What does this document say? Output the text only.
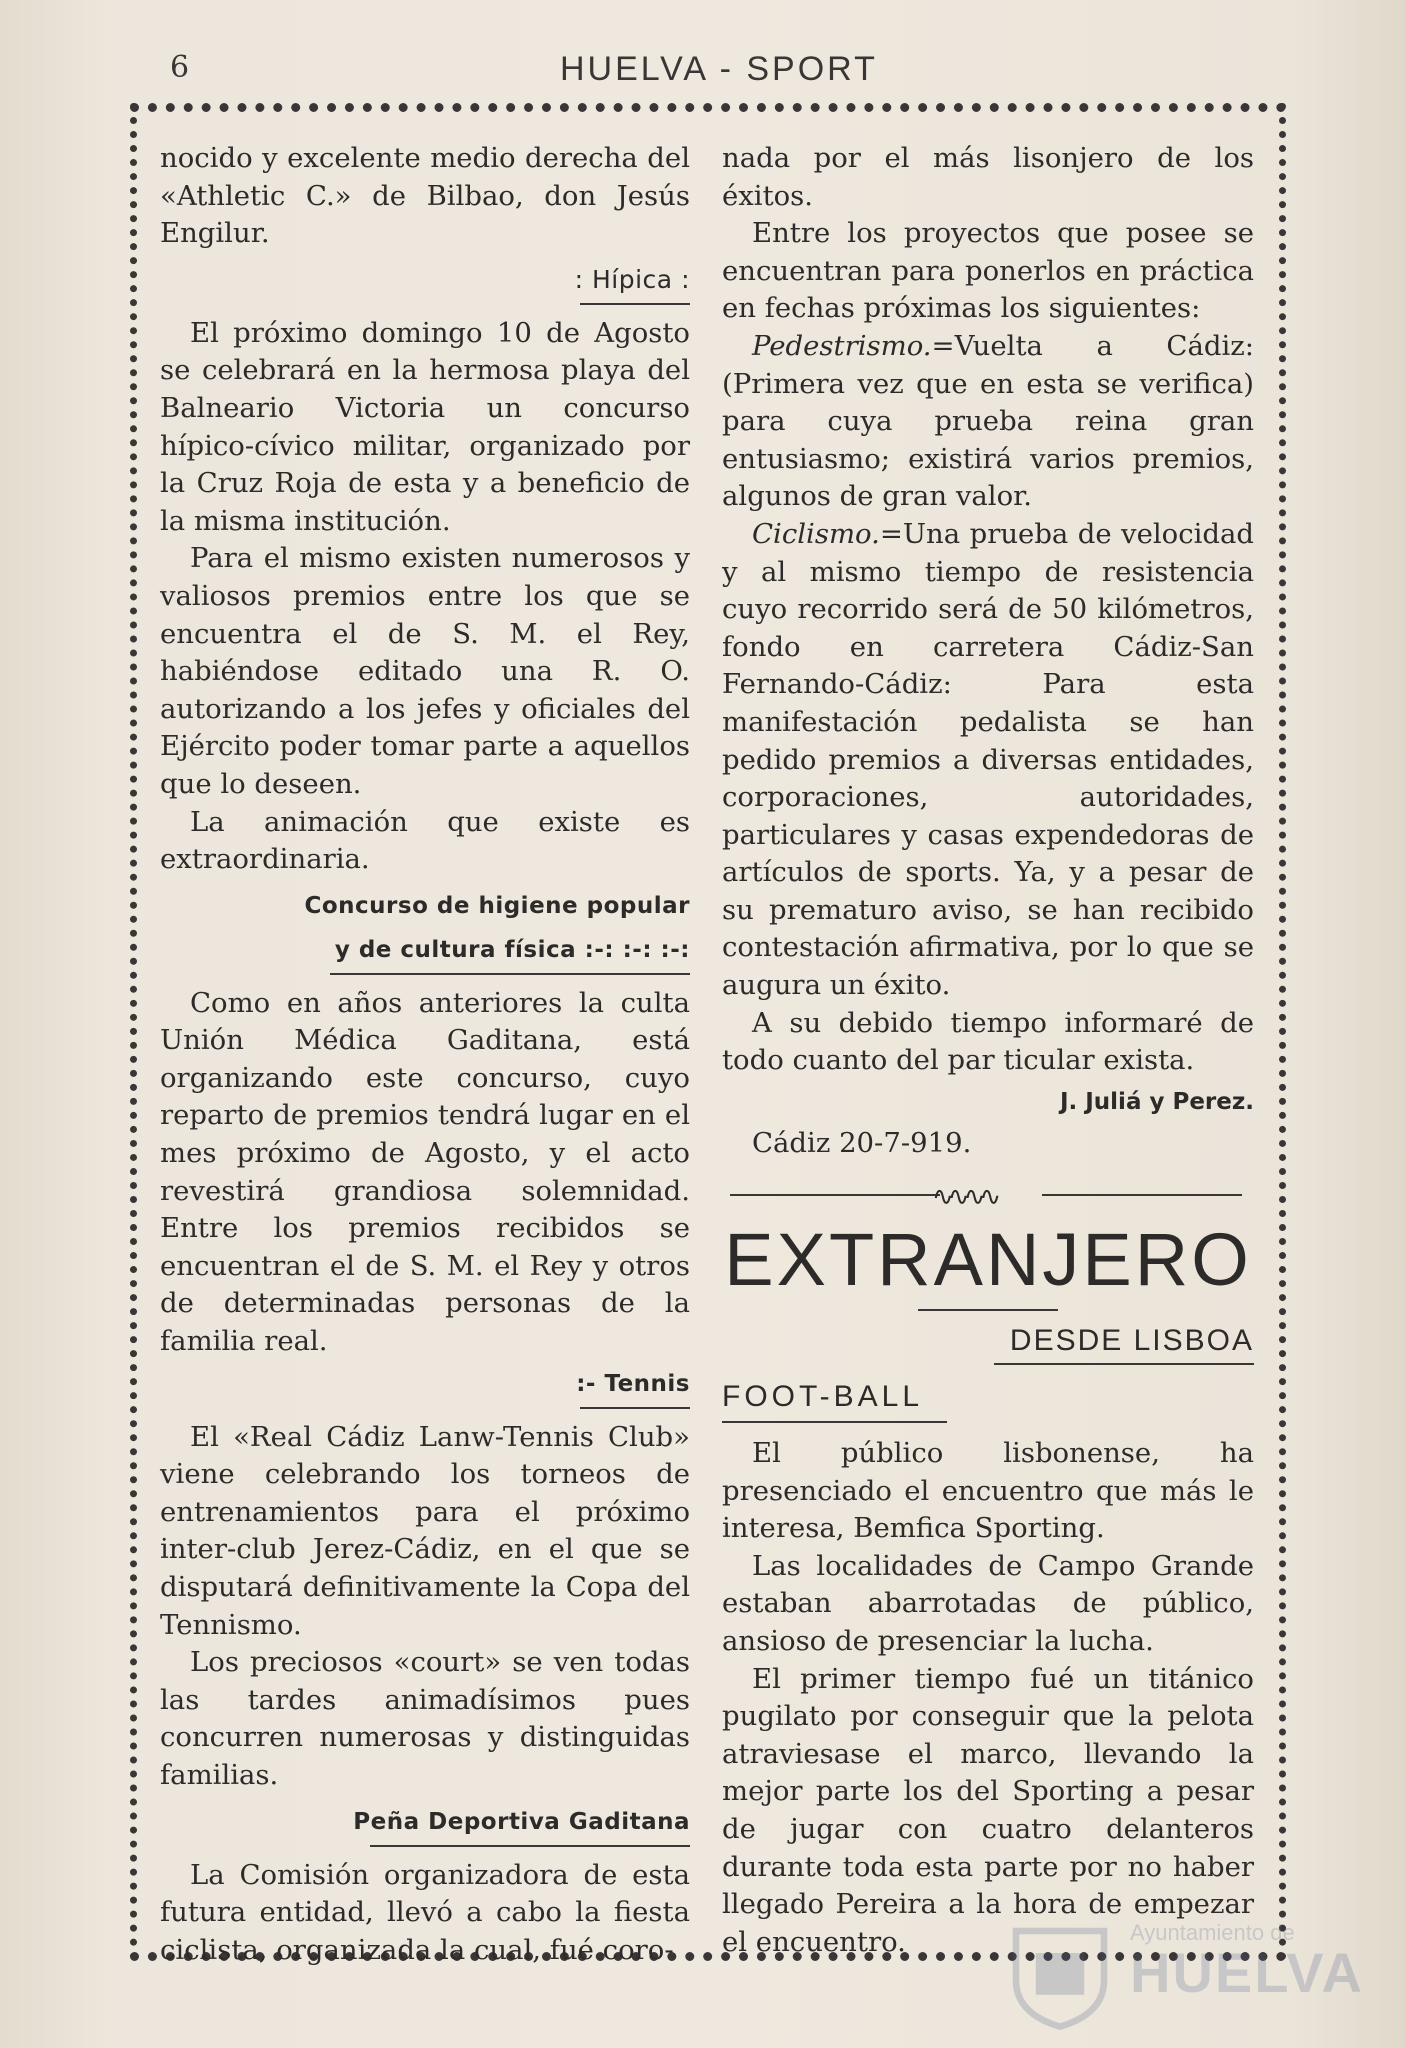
6	HUELVA - SPORT

nocido y excelente medio derecha del «Athletic C.» de Bilbao, don Jesús Engilur.

: Hípica :

El próximo domingo 10 de Agosto se celebrará en la hermosa playa del Balneario Victoria un concurso hípico-cívico militar, organizado por la Cruz Roja de esta y a beneficio de la misma institución.

Para el mismo existen numerosos y valiosos premios entre los que se encuentra el de S. M. el Rey, habiéndose editado una R. O. autorizando a los jefes y oficiales del Ejército poder tomar parte a aquellos que lo deseen.

La animación que existe es extraordinaria.

Concurso de higiene popular
y de cultura física :-: :-: :-:

Como en años anteriores la culta Unión Médica Gaditana, está organizando este concurso, cuyo reparto de premios tendrá lugar en el mes próximo de Agosto, y el acto revestirá grandiosa solemnidad. Entre los premios recibidos se encuentran el de S. M. el Rey y otros de determinadas personas de la familia real.

:- Tennis

El «Real Cádiz Lanw-Tennis Club» viene celebrando los torneos de entrenamientos para el próximo inter-club Jerez-Cádiz, en el que se disputará definitivamente la Copa del Tennismo.

Los preciosos «court» se ven todas las tardes animadísimos pues concurren numerosas y distinguidas familias.

Peña Deportiva Gaditana

La Comisión organizadora de esta futura entidad, llevó a cabo la fiesta ciclista, organizada la cual, fué coro-

nada por el más lisonjero de los éxitos.

Entre los proyectos que posee se encuentran para ponerlos en práctica en fechas próximas los siguientes:

Pedestrismo.=Vuelta a Cádiz: (Primera vez que en esta se verifica) para cuya prueba reina gran entusiasmo; existirá varios premios, algunos de gran valor.

Ciclismo.=Una prueba de velocidad y al mismo tiempo de resistencia cuyo recorrido será de 50 kilómetros, fondo en carretera Cádiz-San Fernando-Cádiz: Para esta manifestación pedalista se han pedido premios a diversas entidades, corporaciones, autoridades, particulares y casas expendedoras de artículos de sports. Ya, y a pesar de su prematuro aviso, se han recibido contestación afirmativa, por lo que se augura un éxito.

A su debido tiempo informaré de todo cuanto del par ticular exista.

J. Juliá y Perez.

Cádiz 20-7-919.

∿∿∿∿
EXTRANJERO
DESDE LISBOA
FOOT-BALL

El público lisbonense, ha presenciado el encuentro que más le interesa, Bemfica Sporting.

Las localidades de Campo Grande estaban abarrotadas de público, ansioso de presenciar la lucha.

El primer tiempo fué un titánico pugilato por conseguir que la pelota atraviesase el marco, llevando la mejor parte los del Sporting a pesar de jugar con cuatro delanteros durante toda esta parte por no haber llegado Pereira a la hora de empezar el encuentro.	Ayuntamiento de
HUELVA
